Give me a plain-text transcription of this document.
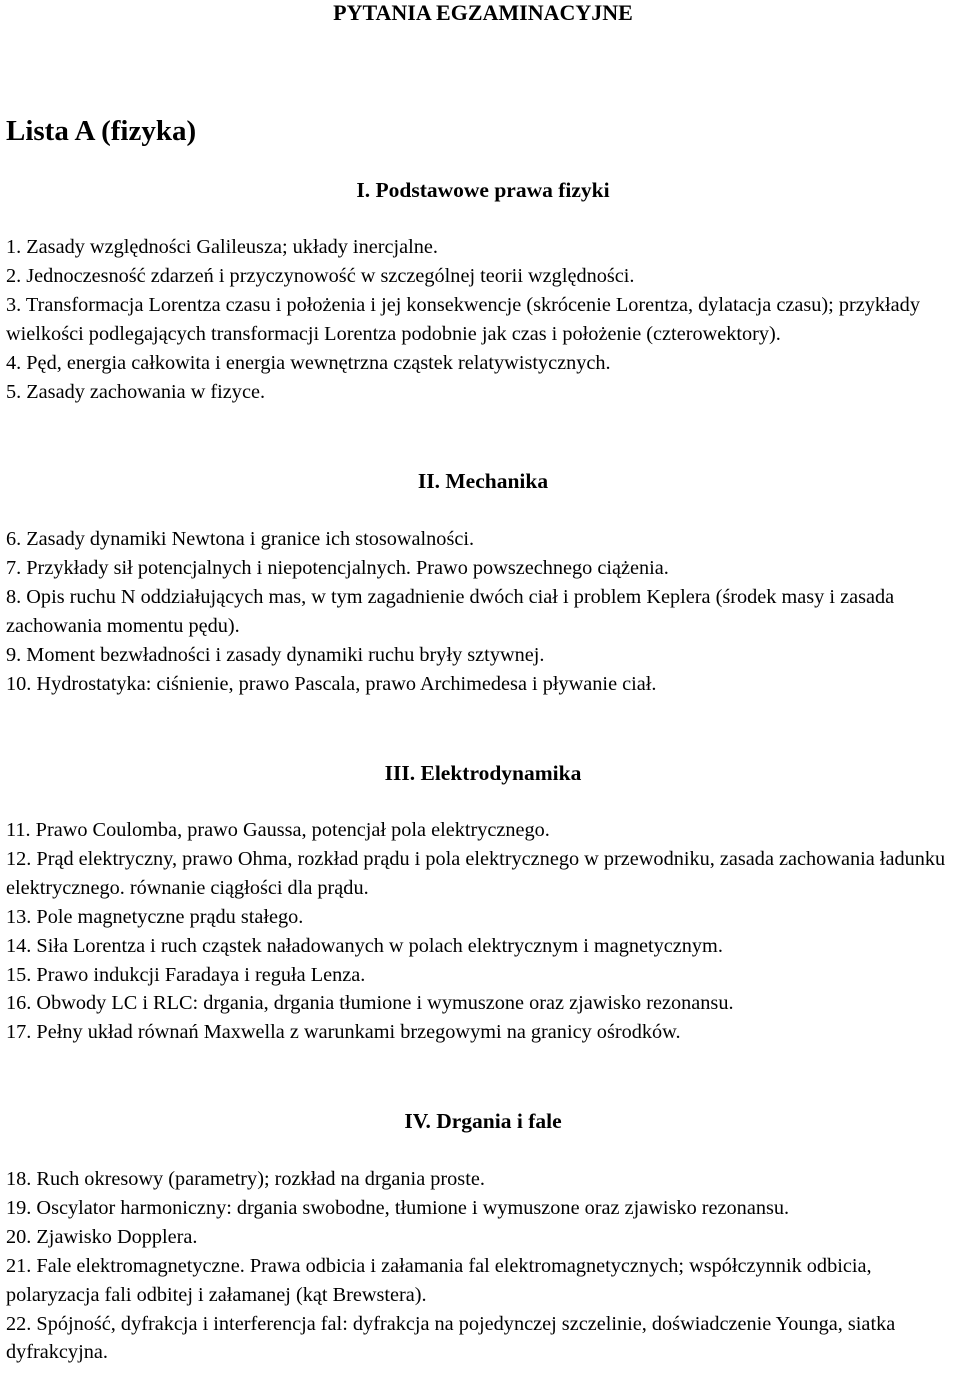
PYTANIA EGZAMINACYJNE
Lista A (fizyka)
I. Podstawowe prawa fizyki
1. Zasady względności Galileusza; układy inercjalne.
2. Jednoczesność zdarzeń i przyczynowość w szczególnej teorii względności.
3. Transformacja Lorentza czasu i położenia i jej konsekwencje (skrócenie Lorentza, dylatacja czasu); przykłady wielkości podlegających transformacji Lorentza podobnie jak czas i położenie (czterowektory).
4. Pęd, energia całkowita i energia wewnętrzna cząstek relatywistycznych.
5. Zasady zachowania w fizyce.
II. Mechanika
6. Zasady dynamiki Newtona i granice ich stosowalności.
7. Przykłady sił potencjalnych i niepotencjalnych. Prawo powszechnego ciążenia.
8. Opis ruchu N oddziałujących mas, w tym zagadnienie dwóch ciał i problem Keplera (środek masy i zasada zachowania momentu pędu).
9. Moment bezwładności i zasady dynamiki ruchu bryły sztywnej.
10. Hydrostatyka: ciśnienie, prawo Pascala, prawo Archimedesa i pływanie ciał.
III. Elektrodynamika
11. Prawo Coulomba, prawo Gaussa, potencjał pola elektrycznego.
12. Prąd elektryczny, prawo Ohma, rozkład prądu i pola elektrycznego w przewodniku, zasada zachowania ładunku elektrycznego. równanie ciągłości dla prądu.
13. Pole magnetyczne prądu stałego.
14. Siła Lorentza i ruch cząstek naładowanych w polach elektrycznym i magnetycznym.
15. Prawo indukcji Faradaya i reguła Lenza.
16. Obwody LC i RLC: drgania, drgania tłumione i wymuszone oraz zjawisko rezonansu.
17. Pełny układ równań Maxwella z warunkami brzegowymi na granicy ośrodków.
IV. Drgania i fale
18. Ruch okresowy (parametry); rozkład na drgania proste.
19. Oscylator harmoniczny: drgania swobodne, tłumione i wymuszone oraz zjawisko rezonansu.
20. Zjawisko Dopplera.
21. Fale elektromagnetyczne. Prawa odbicia i załamania fal elektromagnetycznych; współczynnik odbicia, polaryzacja fali odbitej i załamanej (kąt Brewstera).
22. Spójność, dyfrakcja i interferencja fal: dyfrakcja na pojedynczej szczelinie, doświadczenie Younga, siatka dyfrakcyjna.
